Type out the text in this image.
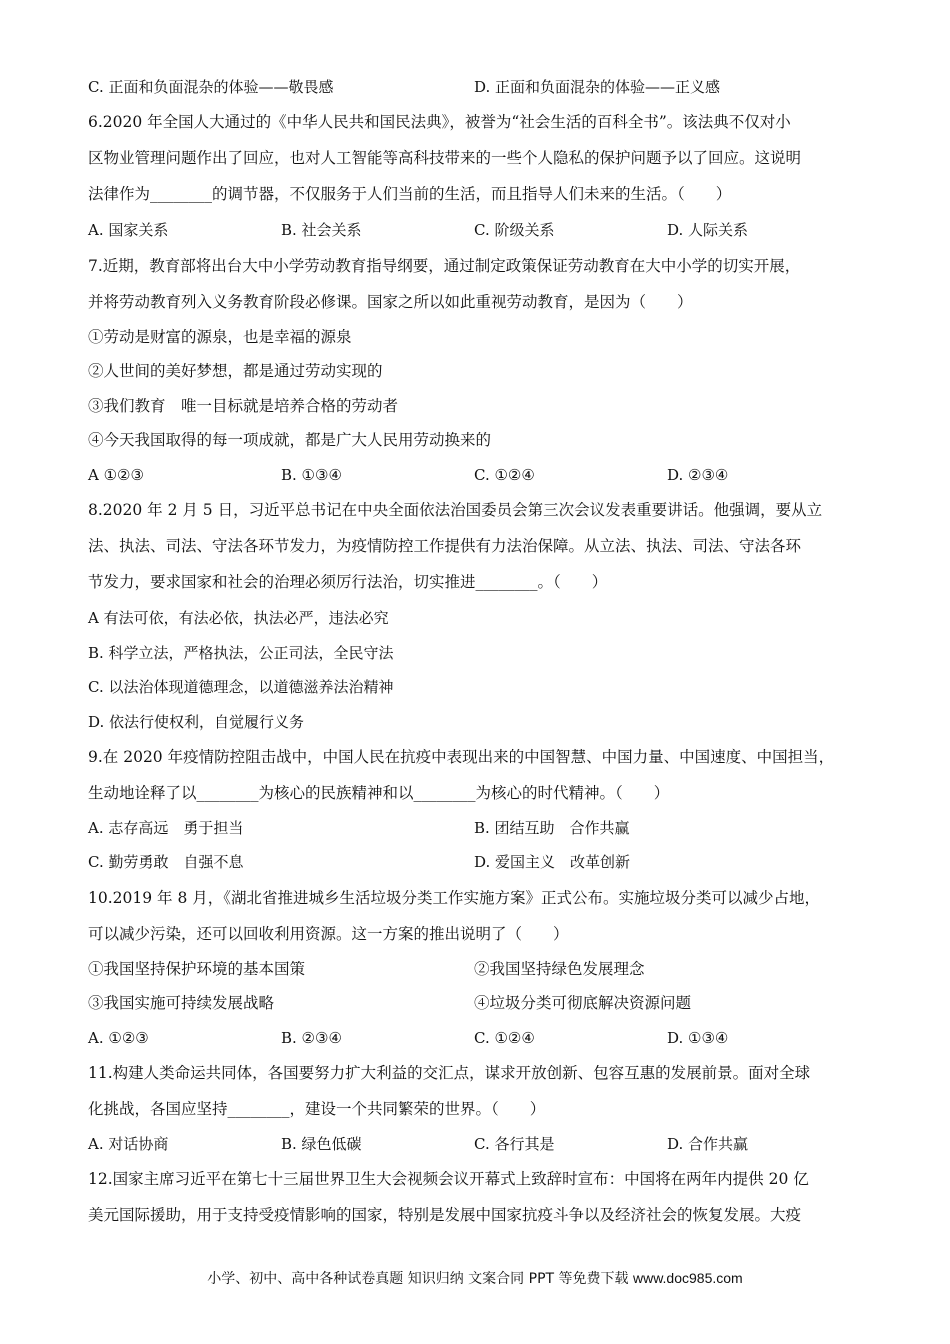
C. 正面和负面混杂的体验——敬畏感	D. 正面和负面混杂的体验——正义感
6.2020 年全国人大通过的《中华人民共和国民法典》，被誉为“社会生活的百科全书”。该法典不仅对小
区物业管理问题作出了回应，也对人工智能等高科技带来的一些个人隐私的保护问题予以了回应。这说明
法律作为________的调节器，不仅服务于人们当前的生活，而且指导人们未来的生活。（　　）
A. 国家关系	B. 社会关系	C. 阶级关系	D. 人际关系
7.近期，教育部将出台大中小学劳动教育指导纲要，通过制定政策保证劳动教育在大中小学的切实开展，
并将劳动教育列入义务教育阶段必修课。国家之所以如此重视劳动教育，是因为（　　）
①劳动是财富的源泉，也是幸福的源泉
②人世间的美好梦想，都是通过劳动实现的
③我们教育　唯一目标就是培养合格的劳动者
④今天我国取得的每一项成就，都是广大人民用劳动换来的
A ①②③	B. ①③④	C. ①②④	D. ②③④
8.2020 年 2 月 5 日，习近平总书记在中央全面依法治国委员会第三次会议发表重要讲话。他强调，要从立
法、执法、司法、守法各环节发力，为疫情防控工作提供有力法治保障。从立法、执法、司法、守法各环
节发力，要求国家和社会的治理必须厉行法治，切实推进________。（　　）
A 有法可依，有法必依，执法必严，违法必究
B. 科学立法，严格执法，公正司法，全民守法
C. 以法治体现道德理念，以道德滋养法治精神
D. 依法行使权利，自觉履行义务
9.在 2020 年疫情防控阻击战中，中国人民在抗疫中表现出来的中国智慧、中国力量、中国速度、中国担当，
生动地诠释了以________为核心的民族精神和以________为核心的时代精神。（　　）
A. 志存高远　勇于担当	B. 团结互助　合作共赢
C. 勤劳勇敢　自强不息	D. 爱国主义　改革创新
10.2019 年 8 月，《湖北省推进城乡生活垃圾分类工作实施方案》正式公布。实施垃圾分类可以减少占地，
可以减少污染，还可以回收利用资源。这一方案的推出说明了（　　）
①我国坚持保护环境的基本国策	②我国坚持绿色发展理念
③我国实施可持续发展战略	④垃圾分类可彻底解决资源问题
A. ①②③	B. ②③④	C. ①②④	D. ①③④
11.构建人类命运共同体，各国要努力扩大利益的交汇点，谋求开放创新、包容互惠的发展前景。面对全球
化挑战，各国应坚持________，建设一个共同繁荣的世界。（　　）
A. 对话协商	B. 绿色低碳	C. 各行其是	D. 合作共赢
12.国家主席习近平在第七十三届世界卫生大会视频会议开幕式上致辞时宣布：中国将在两年内提供 20 亿
美元国际援助，用于支持受疫情影响的国家，特别是发展中国家抗疫斗争以及经济社会的恢复发展。大疫
小学、初中、高中各种试卷真题 知识归纳 文案合同 PPT 等免费下载 www.doc985.com
